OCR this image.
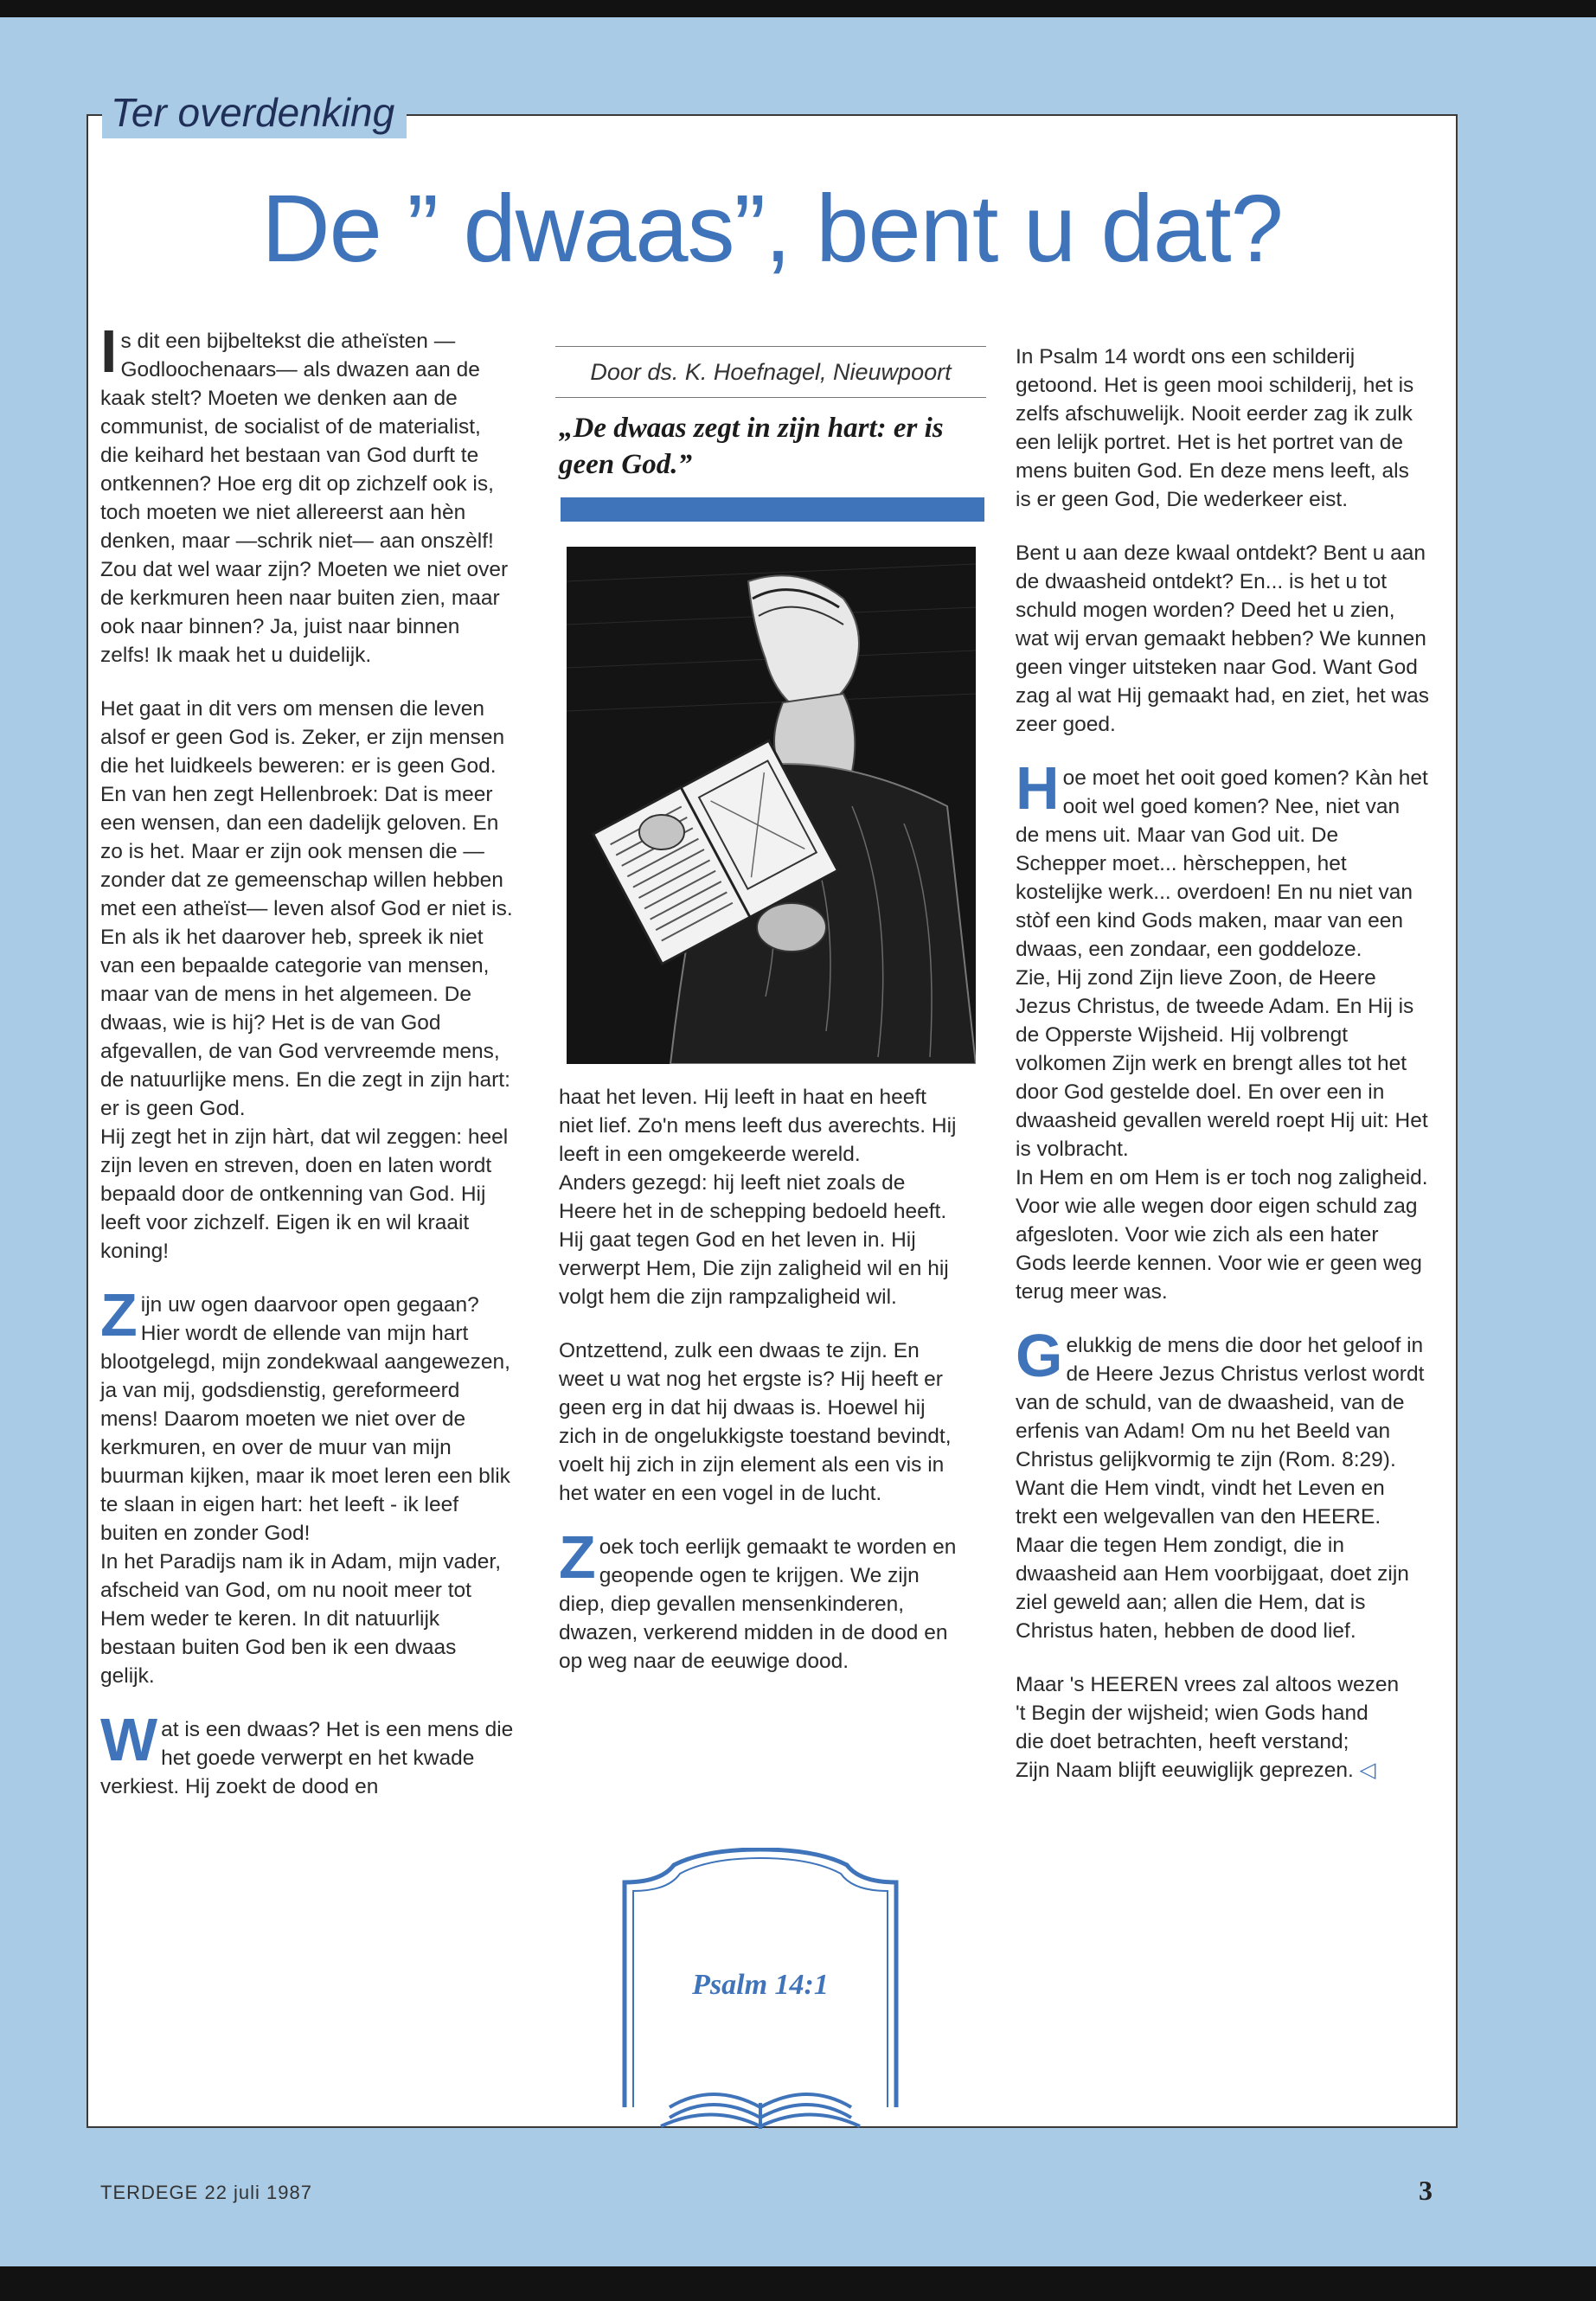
Ter overdenking
De ” dwaas”, bent u dat?

Is dit een bijbeltekst die atheïsten —Godloochenaars— als dwazen aan de kaak stelt? Moeten we denken aan de communist, de socialist of de materialist, die keihard het bestaan van God durft te ontkennen? Hoe erg dit op zichzelf ook is, toch moeten we niet allereerst aan hèn denken, maar —schrik niet— aan onszèlf!

Zou dat wel waar zijn? Moeten we niet over de kerkmuren heen naar buiten zien, maar ook naar binnen? Ja, juist naar binnen zelfs! Ik maak het u duidelijk.

Het gaat in dit vers om mensen die leven alsof er geen God is. Zeker, er zijn mensen die het luidkeels beweren: er is geen God. En van hen zegt Hellenbroek: Dat is meer een wensen, dan een dadelijk geloven. En zo is het. Maar er zijn ook mensen die —zonder dat ze gemeenschap willen hebben met een atheïst— leven alsof God er niet is.

En als ik het daarover heb, spreek ik niet van een bepaalde categorie van mensen, maar van de mens in het algemeen. De dwaas, wie is hij? Het is de van God afgevallen, de van God vervreemde mens, de natuurlijke mens. En die zegt in zijn hart: er is geen God.

Hij zegt het in zijn hàrt, dat wil zeggen: heel zijn leven en streven, doen en laten wordt bepaald door de ontkenning van God. Hij leeft voor zichzelf. Eigen ik en wil kraait koning!

Zijn uw ogen daarvoor open gegaan? Hier wordt de ellende van mijn hart blootgelegd, mijn zondekwaal aangewezen, ja van mij, godsdienstig, gereformeerd mens! Daarom moeten we niet over de kerkmuren, en over de muur van mijn buurman kijken, maar ik moet leren een blik te slaan in eigen hart: het leeft - ik leef buiten en zonder God!

In het Paradijs nam ik in Adam, mijn vader, afscheid van God, om nu nooit meer tot Hem weder te keren. In dit natuurlijk bestaan buiten God ben ik een dwaas gelijk.

Wat is een dwaas? Het is een mens die het goede verwerpt en het kwade verkiest. Hij zoekt de dood en

Door ds. K. Hoefnagel, Nieuwpoort
„De dwaas zegt in zijn hart: er is geen God.”

haat het leven. Hij leeft in haat en heeft niet lief. Zo'n mens leeft dus averechts. Hij leeft in een omgekeerde wereld.

Anders gezegd: hij leeft niet zoals de Heere het in de schepping bedoeld heeft. Hij gaat tegen God en het leven in. Hij verwerpt Hem, Die zijn zaligheid wil en hij volgt hem die zijn rampzaligheid wil.

Ontzettend, zulk een dwaas te zijn. En weet u wat nog het ergste is? Hij heeft er geen erg in dat hij dwaas is. Hoewel hij zich in de ongelukkigste toestand bevindt, voelt hij zich in zijn element als een vis in het water en een vogel in de lucht.

Zoek toch eerlijk gemaakt te worden en geopende ogen te krijgen. We zijn diep, diep gevallen mensenkinderen, dwazen, verkerend midden in de dood en op weg naar de eeuwige dood.

Psalm 14:1

In Psalm 14 wordt ons een schilderij getoond. Het is geen mooi schilderij, het is zelfs afschuwelijk. Nooit eerder zag ik zulk een lelijk portret. Het is het portret van de mens buiten God. En deze mens leeft, als is er geen God, Die wederkeer eist.

Bent u aan deze kwaal ontdekt? Bent u aan de dwaasheid ontdekt? En... is het u tot schuld mogen worden? Deed het u zien, wat wij ervan gemaakt hebben? We kunnen geen vinger uitsteken naar God. Want God zag al wat Hij gemaakt had, en ziet, het was zeer goed.

Hoe moet het ooit goed komen? Kàn het ooit wel goed komen? Nee, niet van de mens uit. Maar van God uit. De Schepper moet... hèrscheppen, het kostelijke werk... overdoen! En nu niet van stòf een kind Gods maken, maar van een dwaas, een zondaar, een goddeloze.

Zie, Hij zond Zijn lieve Zoon, de Heere Jezus Christus, de tweede Adam. En Hij is de Opperste Wijsheid. Hij volbrengt volkomen Zijn werk en brengt alles tot het door God gestelde doel. En over een in dwaasheid gevallen wereld roept Hij uit: Het is volbracht.

In Hem en om Hem is er toch nog zaligheid. Voor wie alle wegen door eigen schuld zag afgesloten. Voor wie zich als een hater Gods leerde kennen. Voor wie er geen weg terug meer was.

Gelukkig de mens die door het geloof in de Heere Jezus Christus verlost wordt van de schuld, van de dwaasheid, van de erfenis van Adam! Om nu het Beeld van Christus gelijkvormig te zijn (Rom. 8:29). Want die Hem vindt, vindt het Leven en trekt een welgevallen van den HEERE. Maar die tegen Hem zondigt, die in dwaasheid aan Hem voorbijgaat, doet zijn ziel geweld aan; allen die Hem, dat is Christus haten, hebben de dood lief.

Maar 's HEEREN vrees zal altoos wezen
't Begin der wijsheid; wien Gods hand
die doet betrachten, heeft verstand;
Zijn Naam blijft eeuwiglijk geprezen. ◁
TERDEGE 22 juli 1987	3
